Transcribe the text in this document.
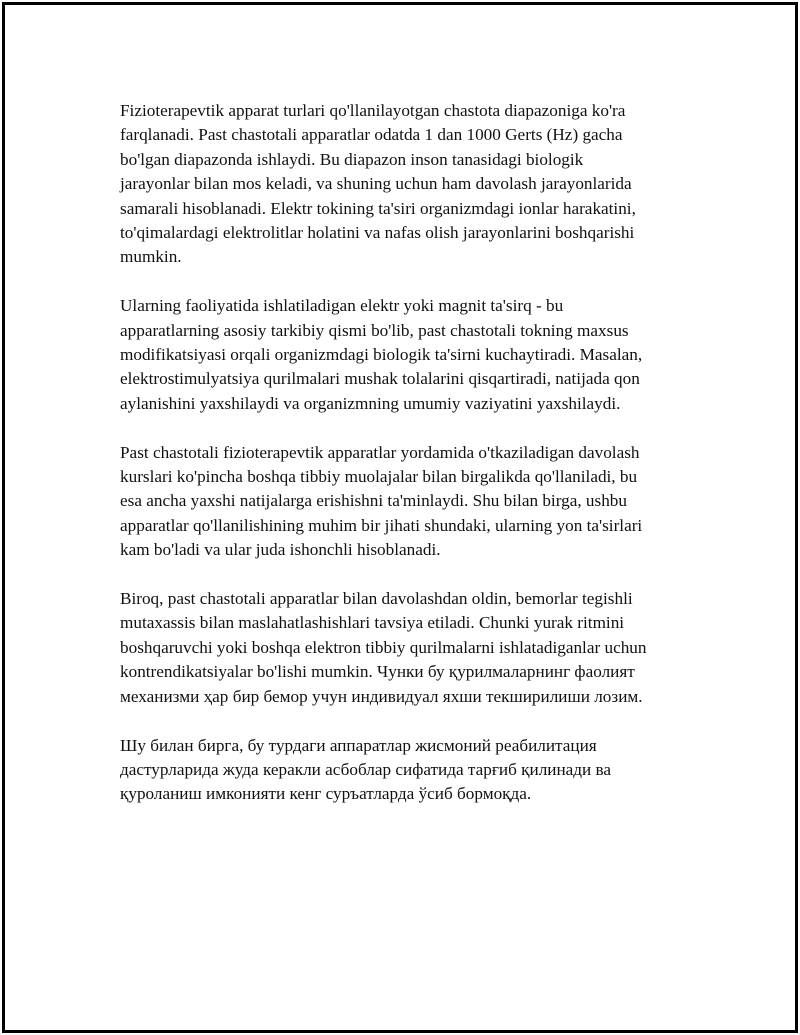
Fizioterapevtik apparat turlari qo'llanilayotgan chastota diapazoniga ko'ra
farqlanadi. Past chastotali apparatlar odatda 1 dan 1000 Gerts (Hz) gacha
bo'lgan diapazonda ishlaydi. Bu diapazon inson tanasidagi biologik
jarayonlar bilan mos keladi, va shuning uchun ham davolash jarayonlarida
samarali hisoblanadi. Elektr tokining ta'siri organizmdagi ionlar harakatini,
to'qimalardagi elektrolitlar holatini va nafas olish jarayonlarini boshqarishi
mumkin.

Ularning faoliyatida ishlatiladigan elektr yoki magnit ta'sirq - bu
apparatlarning asosiy tarkibiy qismi bo'lib, past chastotali tokning maxsus
modifikatsiyasi orqali organizmdagi biologik ta'sirni kuchaytiradi. Masalan,
elektrostimulyatsiya qurilmalari mushak tolalarini qisqartiradi, natijada qon
aylanishini yaxshilaydi va organizmning umumiy vaziyatini yaxshilaydi.

Past chastotali fizioterapevtik apparatlar yordamida o'tkaziladigan davolash
kurslari ko'pincha boshqa tibbiy muolajalar bilan birgalikda qo'llaniladi, bu
esa ancha yaxshi natijalarga erishishni ta'minlaydi. Shu bilan birga, ushbu
apparatlar qo'llanilishining muhim bir jihati shundaki, ularning yon ta'sirlari
kam bo'ladi va ular juda ishonchli hisoblanadi.

Biroq, past chastotali apparatlar bilan davolashdan oldin, bemorlar tegishli
mutaxassis bilan maslahatlashishlari tavsiya etiladi. Chunki yurak ritmini
boshqaruvchi yoki boshqa elektron tibbiy qurilmalarni ishlatadiganlar uchun
kontrendikatsiyalar bo'lishi mumkin. Чунки бу қурилмаларнинг фаолият
механизми ҳар бир бемор учун индивидуал яхши текширилиши лозим.

Шу билан бирга, бу турдаги аппаратлар жисмоний реабилитация
дастурларида жуда керакли асбоблар сифатида тарғиб қилинади ва
қуроланиш имконияти кенг суръатларда ўсиб бормоқда.
